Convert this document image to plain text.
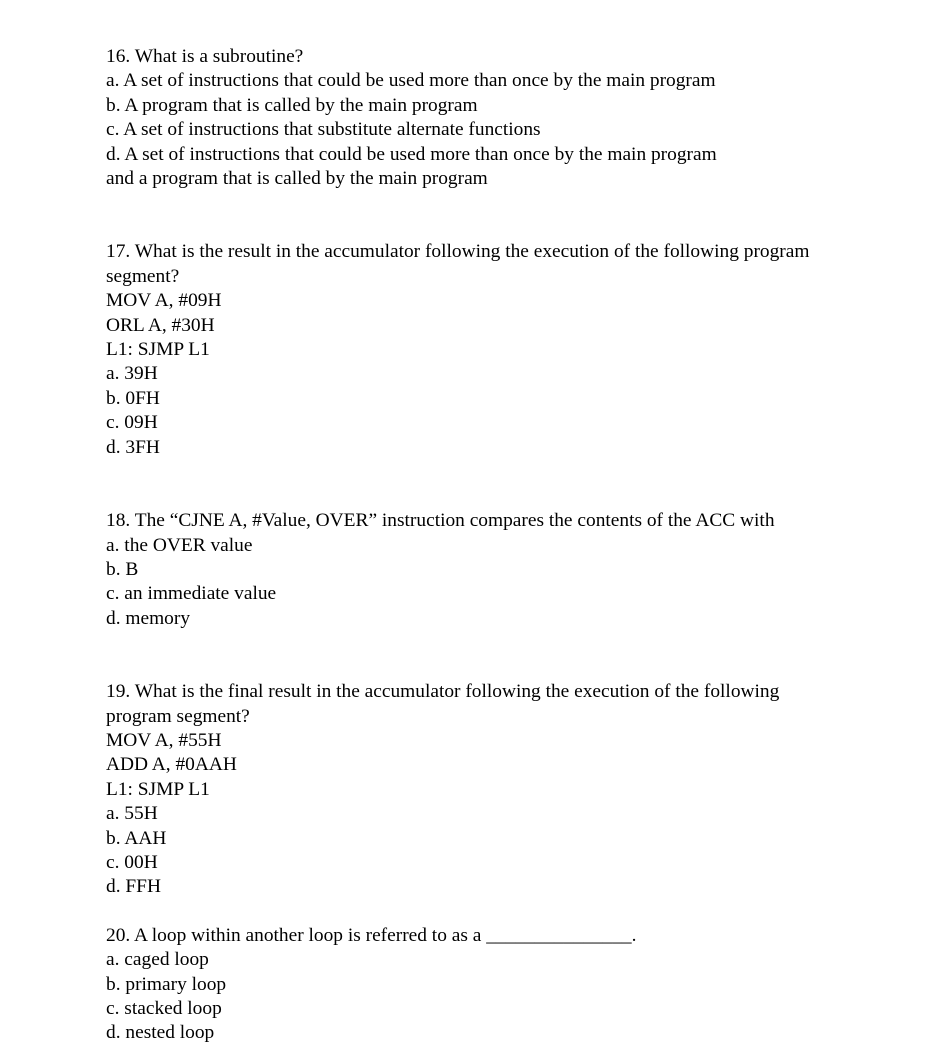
16. What is a subroutine?
a. A set of instructions that could be used more than once by the main program
b. A program that is called by the main program
c. A set of instructions that substitute alternate functions
d. A set of instructions that could be used more than once by the main program
and a program that is called by the main program
17. What is the result in the accumulator following the execution of the following program
segment?
MOV A, #09H
ORL A, #30H
L1: SJMP L1
a. 39H
b. 0FH
c. 09H
d. 3FH
18. The “CJNE A, #Value, OVER” instruction compares the contents of the ACC with
a. the OVER value
b. B
c. an immediate value
d. memory
19. What is the final result in the accumulator following the execution of the following
program segment?
MOV A, #55H
ADD A, #0AAH
L1: SJMP L1
a. 55H
b. AAH
c. 00H
d. FFH
20. A loop within another loop is referred to as a _______________.
a. caged loop
b. primary loop
c. stacked loop
d. nested loop
